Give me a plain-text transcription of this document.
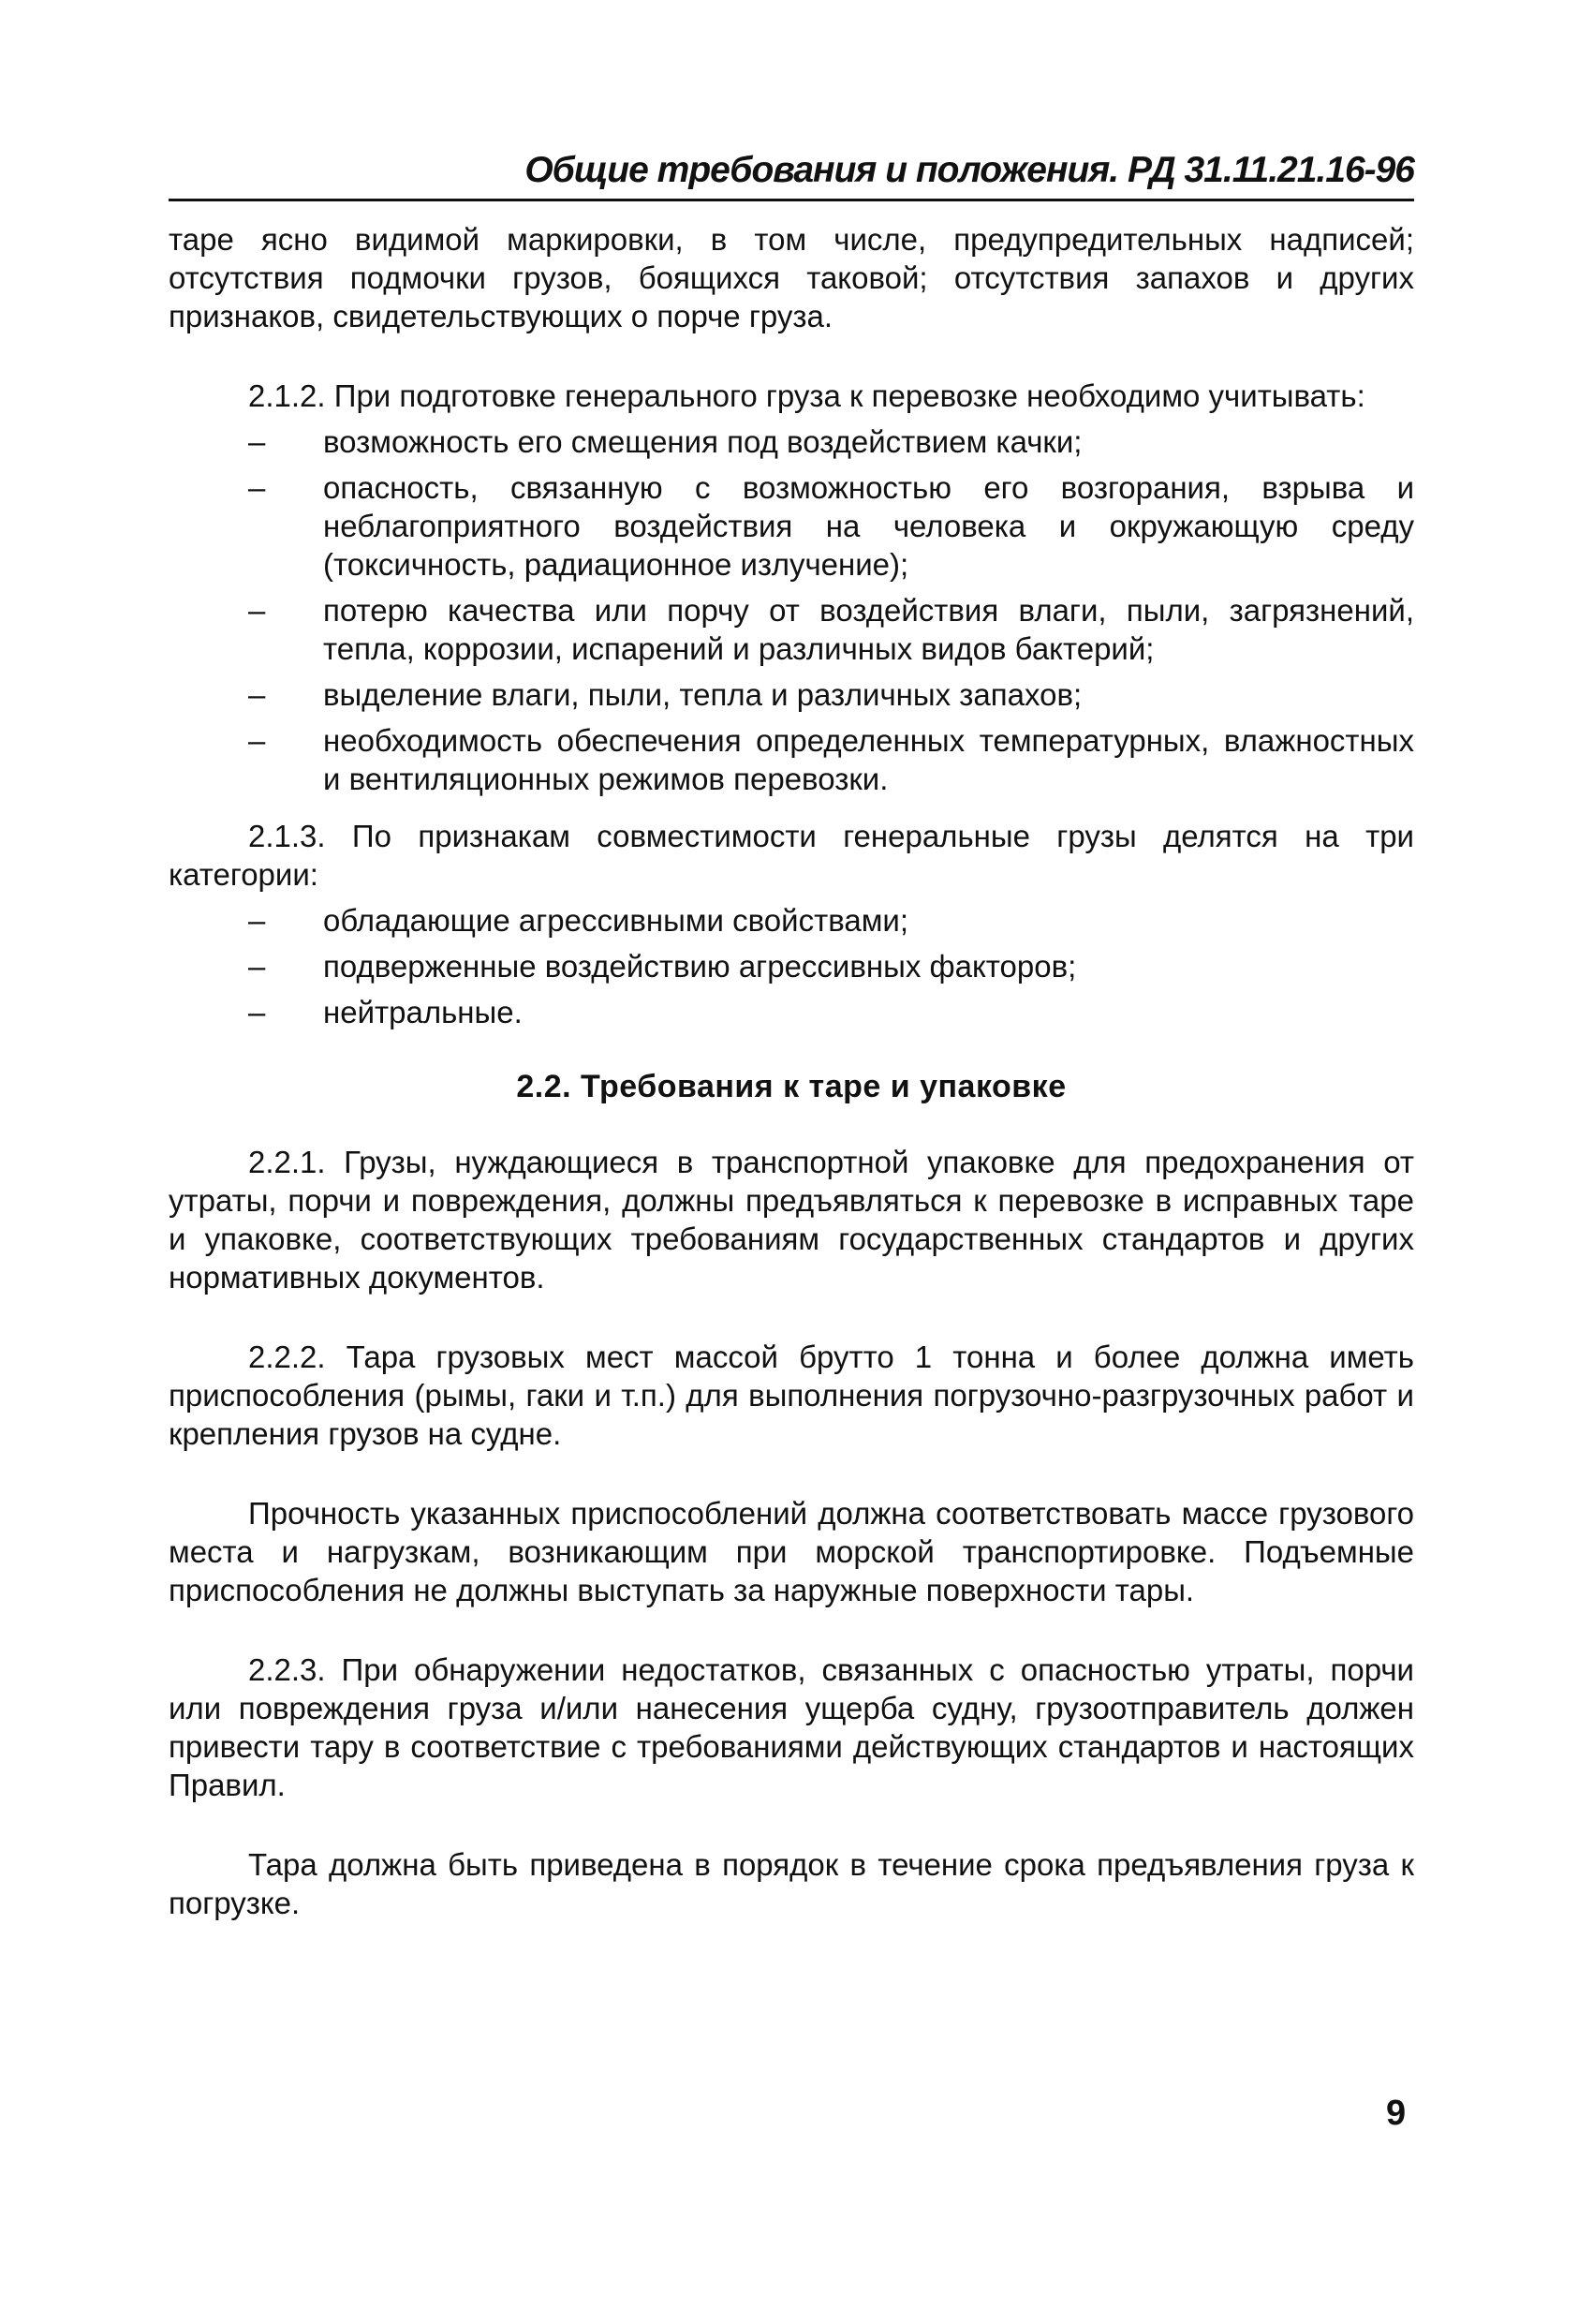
Общие требования и положения. РД 31.11.21.16-96

таре ясно видимой маркировки, в том числе, предупредительных надписей; отсутствия подмочки грузов, боящихся таковой; отсутствия запахов и других признаков, свидетельствующих о порче груза.

2.1.2. При подготовке генерального груза к перевозке необходимо учитывать:

– возможность его смещения под воздействием качки;
– опасность, связанную с возможностью его возгорания, взрыва и неблагоприятного воздействия на человека и окружающую среду (токсичность, радиационное излучение);
– потерю качества или порчу от воздействия влаги, пыли, загрязнений, тепла, коррозии, испарений и различных видов бактерий;
– выделение влаги, пыли, тепла и различных запахов;
– необходимость обеспечения определенных температурных, влажностных и вентиляционных режимов перевозки.

2.1.3. По признакам совместимости генеральные грузы делятся на три категории:

– обладающие агрессивными свойствами;
– подверженные воздействию агрессивных факторов;
– нейтральные.
2.2. Требования к таре и упаковке

2.2.1. Грузы, нуждающиеся в транспортной упаковке для предохранения от утраты, порчи и повреждения, должны предъявляться к перевозке в исправных таре и упаковке, соответствующих требованиям государственных стандартов и других нормативных документов.

2.2.2. Тара грузовых мест массой брутто 1 тонна и более должна иметь приспособления (рымы, гаки и т.п.) для выполнения погрузочно-разгрузочных работ и крепления грузов на судне.

Прочность указанных приспособлений должна соответствовать массе грузового места и нагрузкам, возникающим при морской транспортировке. Подъемные приспособления не должны выступать за наружные поверхности тары.

2.2.3. При обнаружении недостатков, связанных с опасностью утраты, порчи или повреждения груза и/или нанесения ущерба судну, грузоотправитель должен привести тару в соответствие с требованиями действующих стандартов и настоящих Правил.

Тара должна быть приведена в порядок в течение срока предъявления груза к погрузке.

9
